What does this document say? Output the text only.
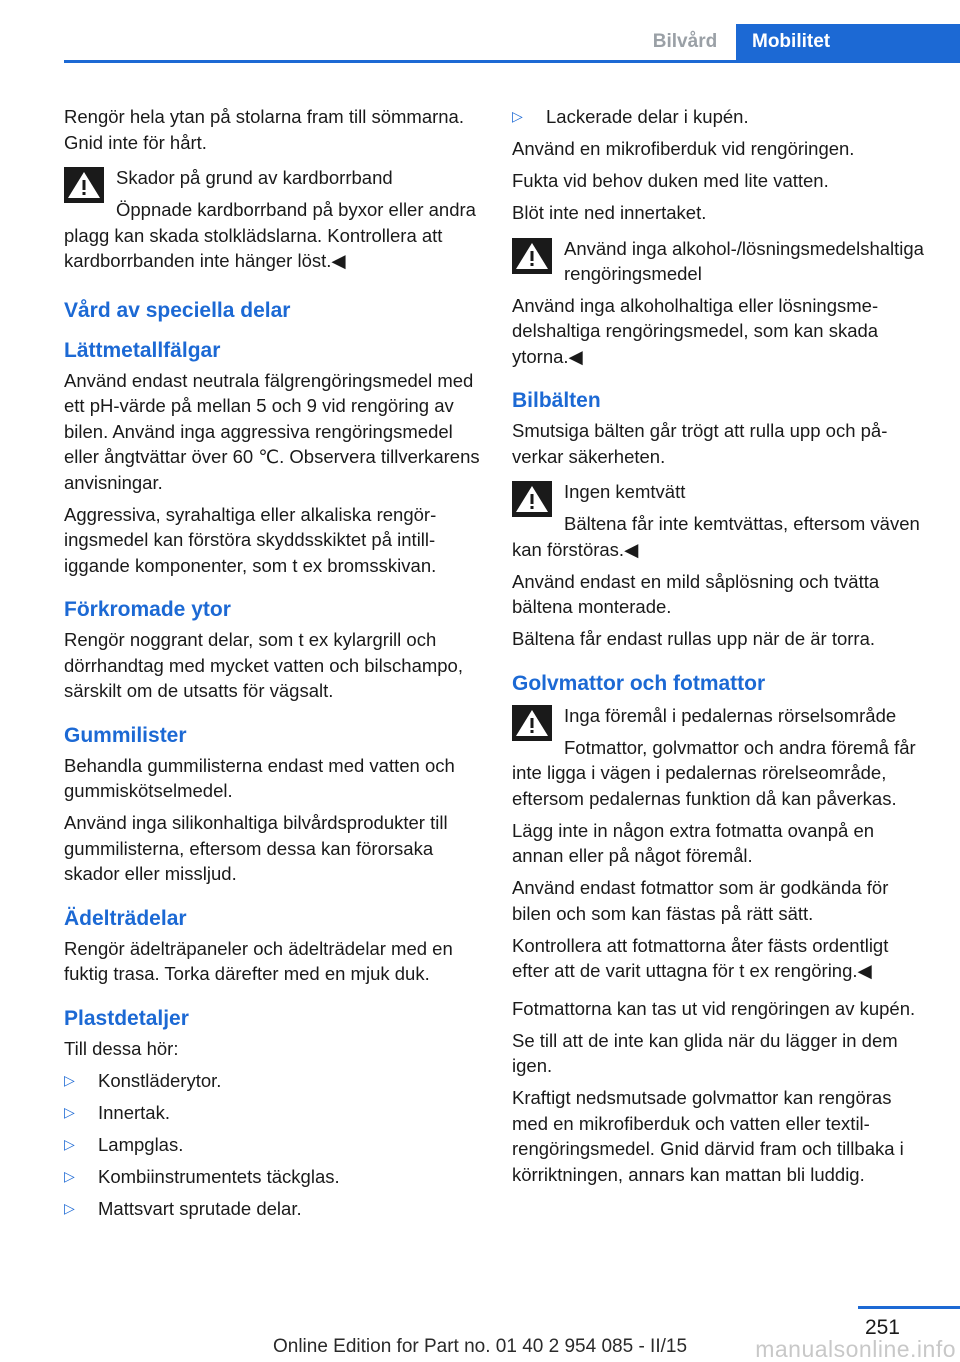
Bilvård	Mobilitet

Rengör hela ytan på stolarna fram till sömmarna. Gnid inte för hårt.

Skador på grund av kardborrband
Öppnade kardborrband på byxor eller andra plagg kan skada stolklädslarna. Kontrollera att kardborrbanden inte hänger löst.◀
Vård av speciella delar
Lättmetallfälgar

Använd endast neutrala fälgrengöringsmedel med ett pH-värde på mellan 5 och 9 vid rengöring av bilen. Använd inga aggressiva rengöringsmedel eller ångtvättar över 60 ℃. Observera tillverkarens anvisningar.

Aggressiva, syrahaltiga eller alkaliska rengöringsmedel kan förstöra skyddsskiktet på intilliggande komponenter, som t ex bromsskivan.

Förkromade ytor

Rengör noggrant delar, som t ex kylargrill och dörrhandtag med mycket vatten och bilschampo, särskilt om de utsatts för vägsalt.

Gummilister

Behandla gummilisterna endast med vatten och gummiskötselmedel.

Använd inga silikonhaltiga bilvårdsprodukter till gummilisterna, eftersom dessa kan förorsaka skador eller missljud.

Ädelträdelar

Rengör ädelträpaneler och ädelträdelar med en fuktig trasa. Torka därefter med en mjuk duk.

Plastdetaljer

Till dessa hör:

▷	Konstläderytor.
▷	Innertak.
▷	Lampglas.
▷	Kombiinstrumentets täckglas.
▷	Mattsvart sprutade delar.
▷	Lackerade delar i kupén.

Använd en mikrofiberduk vid rengöringen.

Fukta vid behov duken med lite vatten.

Blöt inte ned innertaket.

Använd inga alkohol-/lösningsmedelshaltiga rengöringsmedel
Använd inga alkoholhaltiga eller lösningsmedelshaltiga rengöringsmedel, som kan skada ytorna.◀
Bilbälten

Smutsiga bälten går trögt att rulla upp och påverkar säkerheten.

Ingen kemtvätt
Bältena får inte kemtvättas, eftersom väven kan förstöras.◀

Använd endast en mild såplösning och tvätta bältena monterade.

Bältena får endast rullas upp när de är torra.

Golvmattor och fotmattor
Inga föremål i pedalernas rörselsområde
Fotmattor, golvmattor och andra föremå får inte ligga i vägen i pedalernas rörelseområde, eftersom pedalernas funktion då kan påverkas.

Lägg inte in någon extra fotmatta ovanpå en annan eller på något föremål.

Använd endast fotmattor som är godkända för bilen och som kan fästas på rätt sätt.

Kontrollera att fotmattorna åter fästs ordentligt efter att de varit uttagna för t ex rengöring.◀

Fotmattorna kan tas ut vid rengöringen av kupén.

Se till att de inte kan glida när du lägger in dem igen.

Kraftigt nedsmutsade golvmattor kan rengöras med en mikrofiberduk och vatten eller textilrengöringsmedel. Gnid därvid fram och tillbaka i körriktningen, annars kan mattan bli luddig.

251
Online Edition for Part no. 01 40 2 954 085 - II/15	manualsonline.info
